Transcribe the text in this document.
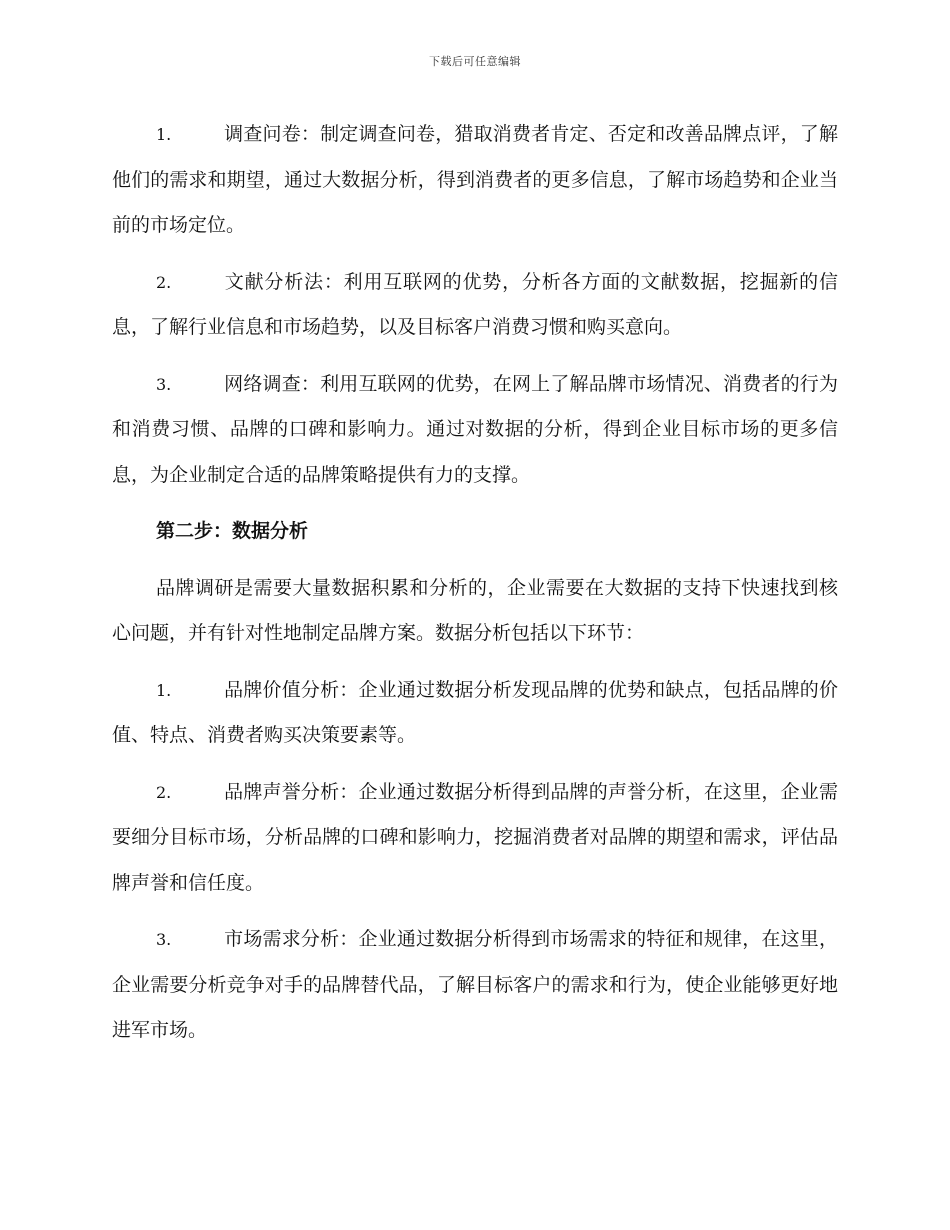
下载后可任意编辑

1.	调查问卷：制定调查问卷，猎取消费者肯定、否定和改善品牌点评，了解他们的需求和期望，通过大数据分析，得到消费者的更多信息，了解市场趋势和企业当前的市场定位。

2.	文献分析法：利用互联网的优势，分析各方面的文献数据，挖掘新的信息，了解行业信息和市场趋势，以及目标客户消费习惯和购买意向。

3.	网络调查：利用互联网的优势，在网上了解品牌市场情况、消费者的行为和消费习惯、品牌的口碑和影响力。通过对数据的分析，得到企业目标市场的更多信息，为企业制定合适的品牌策略提供有力的支撑。

第二步：数据分析

品牌调研是需要大量数据积累和分析的，企业需要在大数据的支持下快速找到核心问题，并有针对性地制定品牌方案。数据分析包括以下环节：

1.	品牌价值分析：企业通过数据分析发现品牌的优势和缺点，包括品牌的价值、特点、消费者购买决策要素等。

2.	品牌声誉分析：企业通过数据分析得到品牌的声誉分析，在这里，企业需要细分目标市场，分析品牌的口碑和影响力，挖掘消费者对品牌的期望和需求，评估品牌声誉和信任度。

3.	市场需求分析：企业通过数据分析得到市场需求的特征和规律，在这里，企业需要分析竞争对手的品牌替代品，了解目标客户的需求和行为，使企业能够更好地进军市场。
